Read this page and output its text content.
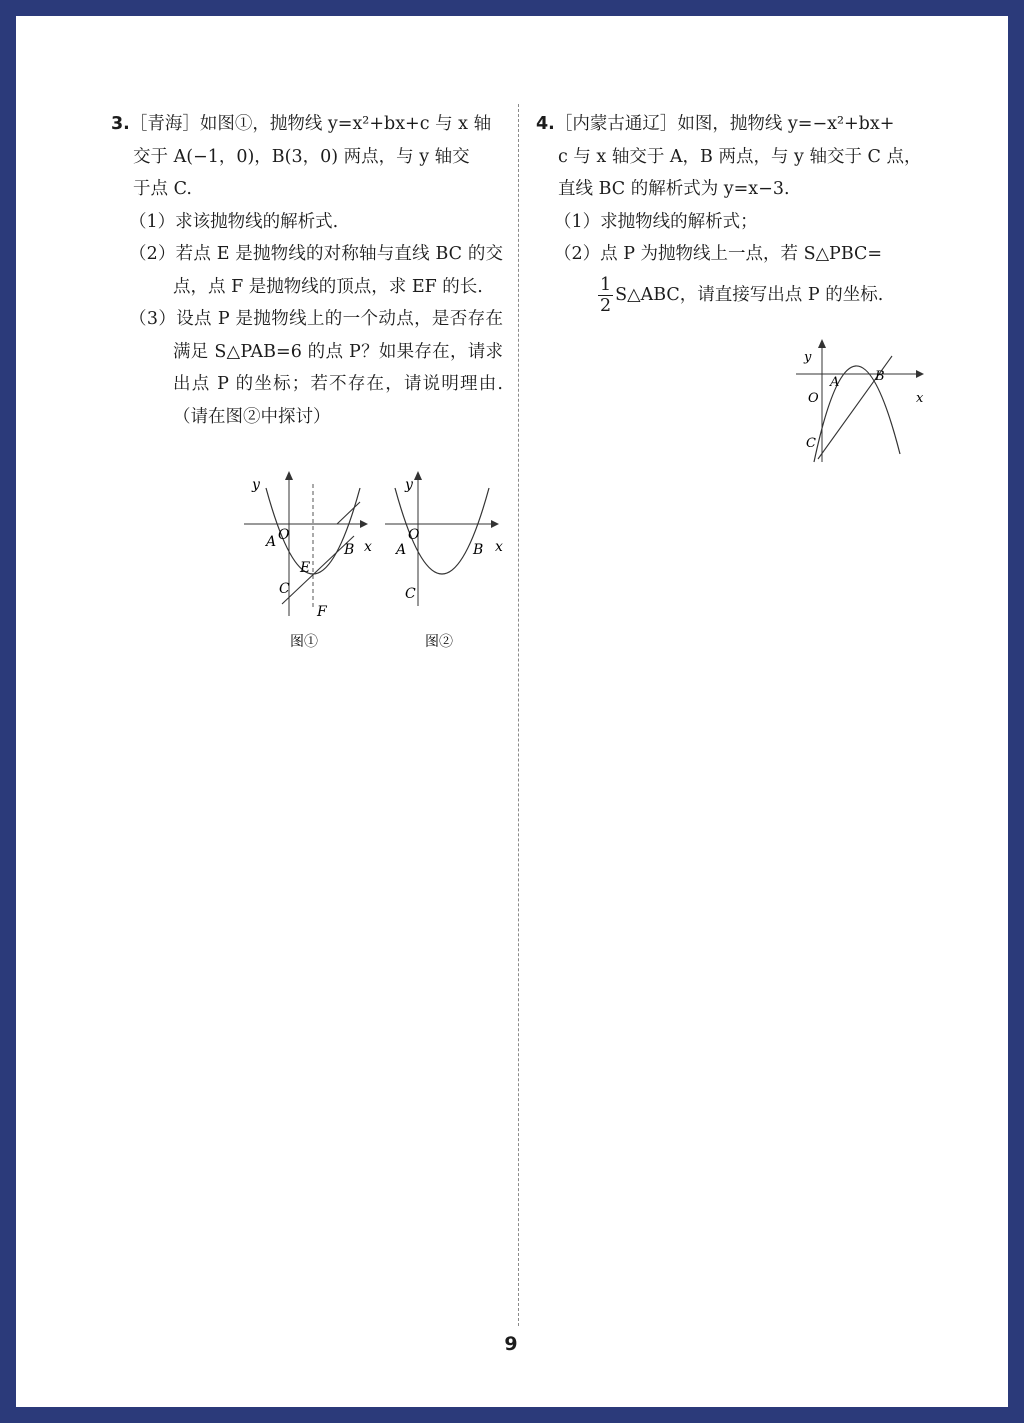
3.［青海］如图①，抛物线 y=x²+bx+c 与 x 轴
交于 A(−1，0)，B(3，0) 两点，与 y 轴交
于点 C.
（1）求该抛物线的解析式.
（2）若点 E 是抛物线的对称轴与直线 BC 的交点，点 F 是抛物线的顶点，求 EF 的长.
（3）设点 P 是抛物线上的一个动点，是否存在满足 S△PAB=6 的点 P？如果存在，请求出点 P 的坐标；若不存在，请说明理由.（请在图②中探讨）
y
x
O
A	B
C
E
F
图①
y
x
O
A	B
C
图②
4.［内蒙古通辽］如图，抛物线 y=−x²+bx+
c 与 x 轴交于 A，B 两点，与 y 轴交于 C 点，
直线 BC 的解析式为 y=x−3.
（1）求抛物线的解析式；
（2）点 P 为抛物线上一点，若 S△PBC=
$\frac{1}{2}$ S△ABC，请直接写出点 P 的坐标.
y
x
O
A	B
C
9
